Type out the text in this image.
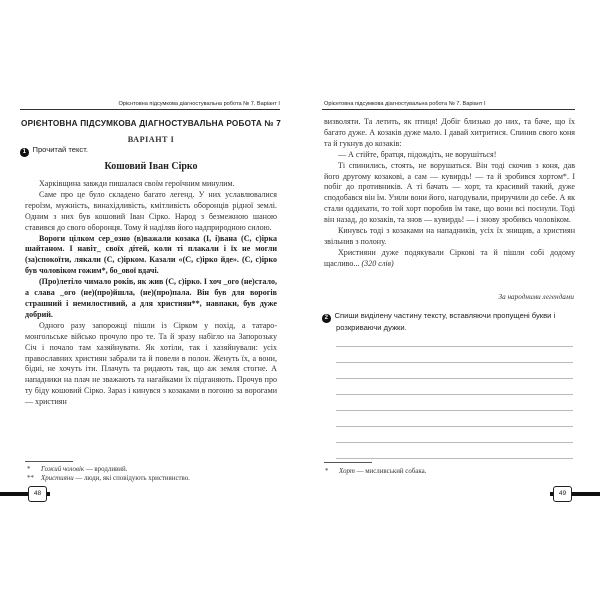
Орієнтовна підсумкова діагностувальна робота № 7. Варіант І
ОРІЄНТОВНА ПІДСУМКОВА ДІАГНОСТУВАЛЬНА РОБОТА № 7
ВАРІАНТ І
1 Прочитай текст.
Кошовий Іван Сірко

Харківщина завжди пишалася своїм героїчним минулим.

Саме про це було складено багато легенд. У них уславлювалися героїзм, мужність, винахідливість, кмітливість оборонців рідної землі. Одним з них був кошовий Іван Сірко. Народ з безмежною шаною ставився до свого оборонця. Тому й наділяв його надприродною силою.

Вороги цілком сер_озно (в)важали козака (І, і)вана (С, с)ірка шайтаном. І навіт_ своїх дітей, коли ті плакали і їх не могли (за)спокоїти, лякали (С, с)ірком. Казали «(С, с)ірко йде». (С, с)ірко був чоловіком гожим*, бо_ової вдачі.

(Про)летіло чимало років, як жив (С, с)ірко. І хоч _ого (не)стало, а слава _ого (не)(про)йшла, (не)(про)пала. Він був для ворогів страшний і немилостивий, а для християн**, навпаки, був дуже добрий.

Одного разу запорожці пішли із Сірком у похід, а татаро-монгольське військо прочуло про те. Та й зразу набігло на Запорозьку Січ і почало там хазяйнувати. Як хотіли, так і хазяйнували: усіх православних християн забрали та й повели в полон. Женуть їх, а вони, бідні, не хочуть іти. Плачуть та ридають так, що аж земля стогне. А нападники на плач не зважають та нагайками їх підганяють. Прочув про ту біду кошовий Сірко. Зараз і кинувся з козаками в погоню за ворогами — християн

*	Гожий чоловік — вродливий.
**	Християни — люди, які сповідують християнство.
48
Орієнтовна підсумкова діагностувальна робота № 7. Варіант І

визволяти. Та летить, як птиця! Добіг близько до них, та баче, що їх багато дуже. А козаків дуже мало. І давай хитритися. Спинив свого коня та й гукнув до козаків:

— А стійте, братця, підождіть, не ворушіться!

Ті спинились, стоять, не ворушаться. Він тоді скочив з коня, дав його другому козакові, а сам — кувирдь! — та й зробився хортом*. І побіг до противників. А ті бачать — хорт, та красивий такий, дуже сподобався він їм. Узяли вони його, нагодували, приручили до себе. А як стали оддихати, то той хорт поробив їм таке, що вони всі поснули. Тоді він назад, до козаків, та знов — кувирдь! — і знову зробивсь чоловіком.

Кинувсь тоді з козаками на нападників, усіх їх знищив, а християн звільнив з полону.

Християни дуже подякували Сіркові та й пішли собі додому щасливо... (320 слів)

За народними легендами
2 Спиши виділену частину тексту, вставляючи пропущені букви і розкриваючи дужки.
*	Хорт — мисливський собака.
49
